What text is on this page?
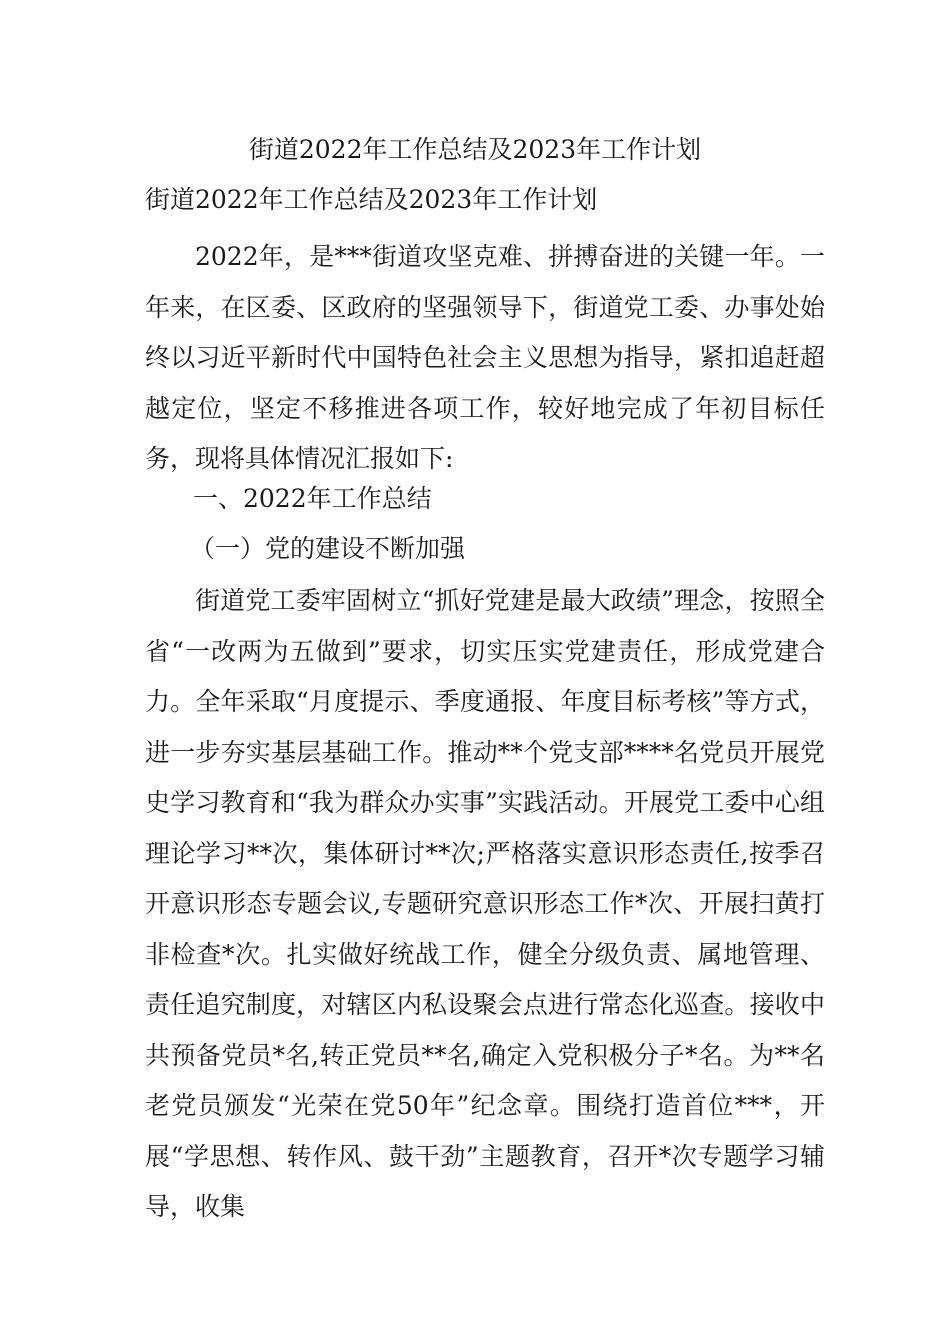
街道2022年工作总结及2023年工作计划
街道2022年工作总结及2023年工作计划

2022年，是***街道攻坚克难、拼搏奋进的关键一年。一年来，在区委、区政府的坚强领导下，街道党工委、办事处始终以习近平新时代中国特色社会主义思想为指导，紧扣追赶超越定位，坚定不移推进各项工作，较好地完成了年初目标任务，现将具体情况汇报如下:

一、2022年工作总结
（一）党的建设不断加强

街道党工委牢固树立“抓好党建是最大政绩”理念，按照全省“一改两为五做到”要求，切实压实党建责任，形成党建合力。全年采取“月度提示、季度通报、年度目标考核”等方式，进一步夯实基层基础工作。推动**个党支部****名党员开展党史学习教育和“我为群众办实事”实践活动。开展党工委中心组理论学习**次，集体研讨**次;严格落实意识形态责任,按季召开意识形态专题会议,专题研究意识形态工作*次、开展扫黄打非检查*次。扎实做好统战工作，健全分级负责、属地管理、责任追究制度，对辖区内私设聚会点进行常态化巡查。接收中共预备党员*名,转正党员**名,确定入党积极分子*名。为**名老党员颁发“光荣在党50年”纪念章。围绕打造首位***，开展“学思想、转作风、鼓干劲”主题教育，召开*次专题学习辅导，收集
